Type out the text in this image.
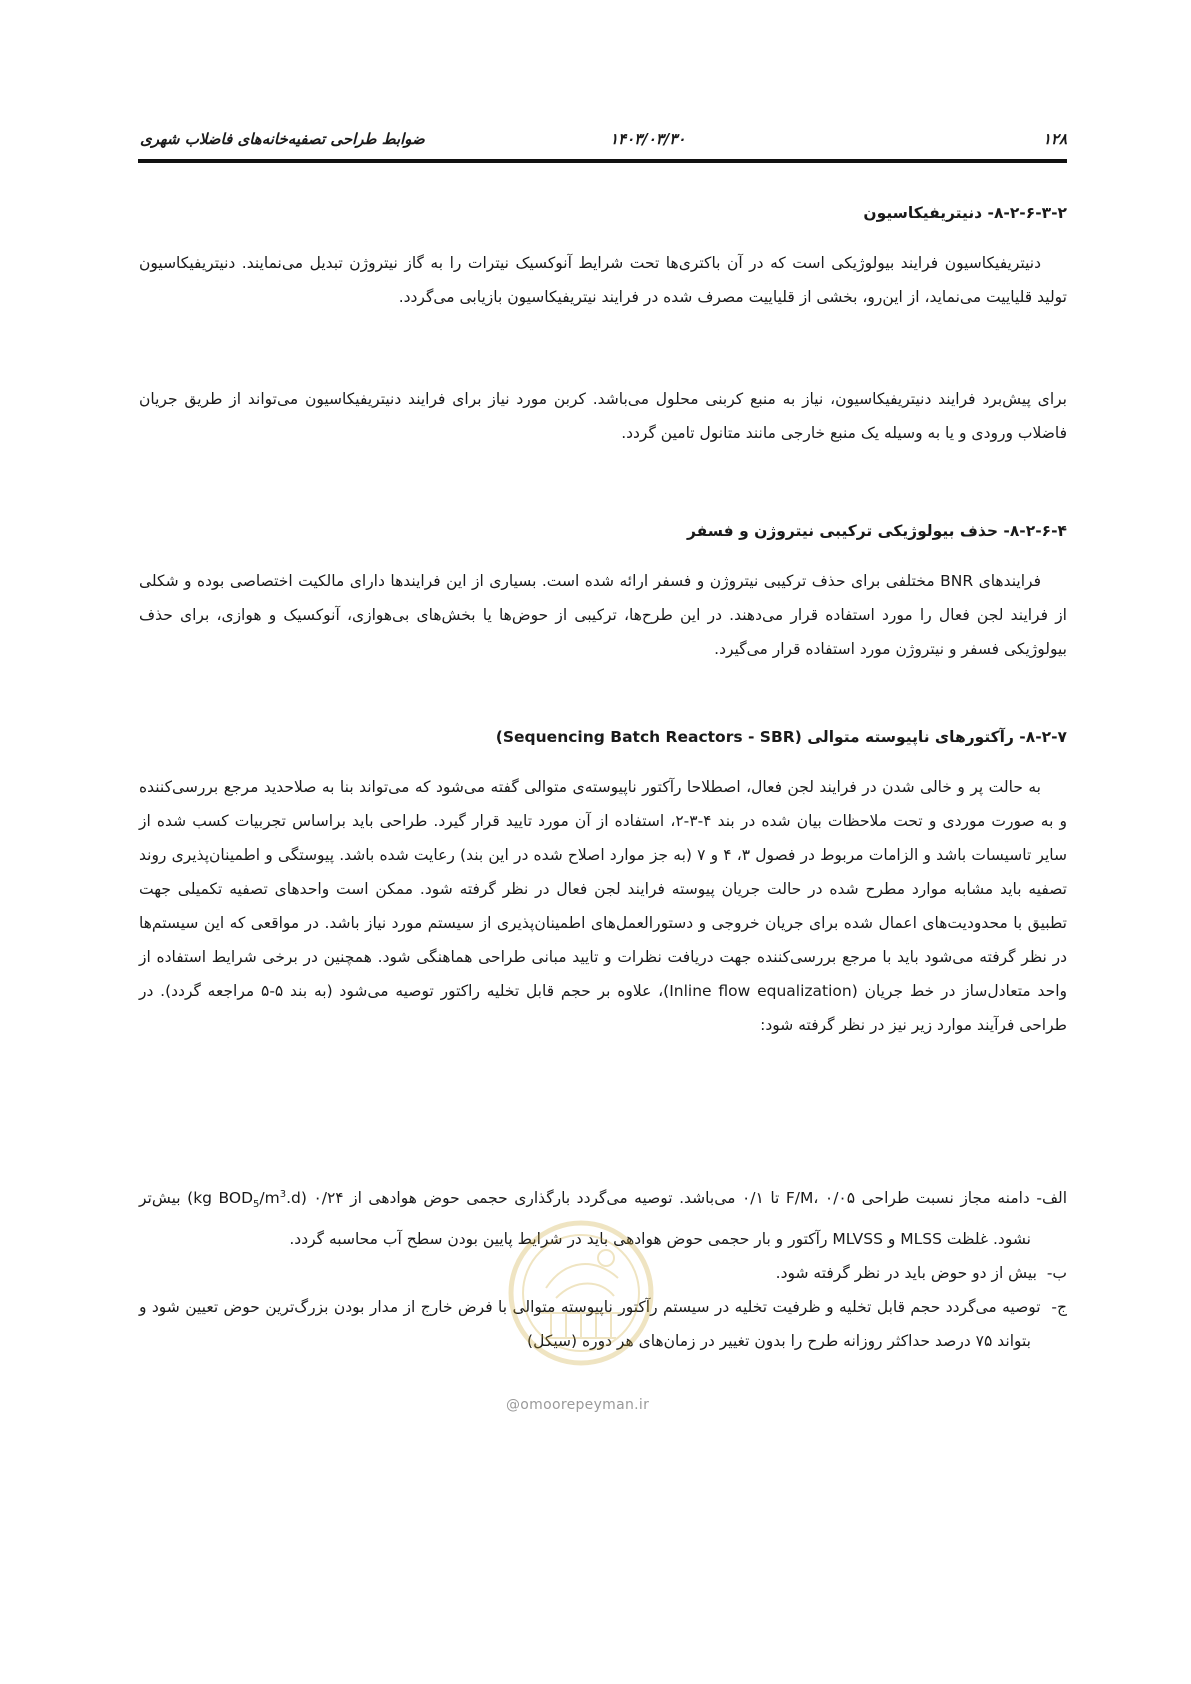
۱۲۸
۱۴۰۳/۰۳/۳۰
ضوابط طراحی تصفیه‌خانه‌های فاضلاب شهری
۸-۲-۶-۳-۲- دنیتریفیکاسیون

دنیتریفیکاسیون فرایند بیولوژیکی است که در آن باکتری‌ها تحت شرایط آنوکسیک نیترات را به گاز نیتروژن تبدیل می‌نمایند. دنیتریفیکاسیون تولید قلیاییت می‌نماید، از این‌رو، بخشی از قلیاییت مصرف شده در فرایند نیتریفیکاسیون بازیابی می‌گردد.

برای پیش‌برد فرایند دنیتریفیکاسیون، نیاز به منبع کربنی محلول می‌باشد. کربن مورد نیاز برای فرایند دنیتریفیکاسیون می‌تواند از طریق جریان فاضلاب ورودی و یا به وسیله یک منبع خارجی مانند متانول تامین گردد.

۸-۲-۶-۴- حذف بیولوژیکی ترکیبی نیتروژن و فسفر

فرایندهای BNR مختلفی برای حذف ترکیبی نیتروژن و فسفر ارائه شده است. بسیاری از این فرایندها دارای مالکیت اختصاصی بوده و شکلی از فرایند لجن فعال را مورد استفاده قرار می‌دهند. در این طرح‌ها، ترکیبی از حوض‌ها یا بخش‌های بی‌هوازی، آنوکسیک و هوازی، برای حذف بیولوژیکی فسفر و نیتروژن مورد استفاده قرار می‌گیرد.

۸-۲-۷- رآکتورهای ناپیوسته متوالی (Sequencing Batch Reactors - SBR)

به حالت پر و خالی شدن در فرایند لجن فعال، اصطلاحا رآکتور ناپیوسته‌ی متوالی گفته می‌شود که می‌تواند بنا به صلاحدید مرجع بررسی‌کننده و به صورت موردی و تحت ملاحظات بیان شده در بند ۴-۳-۲، استفاده از آن مورد تایید قرار گیرد. طراحی باید براساس تجربیات کسب شده از سایر تاسیسات باشد و الزامات مربوط در فصول ۳، ۴ و ۷ (به جز موارد اصلاح شده در این بند) رعایت شده باشد. پیوستگی و اطمینان‌پذیری روند تصفیه باید مشابه موارد مطرح شده در حالت جریان پیوسته فرایند لجن فعال در نظر گرفته شود. ممکن است واحدهای تصفیه تکمیلی جهت تطبیق با محدودیت‌های اعمال شده برای جریان خروجی و دستورالعمل‌های اطمینان‌پذیری از سیستم مورد نیاز باشد. در مواقعی که این سیستم‌ها در نظر گرفته می‌شود باید با مرجع بررسی‌کننده جهت دریافت نظرات و تایید مبانی طراحی هماهنگی شود. همچنین در برخی شرایط استفاده از واحد متعادل‌ساز در خط جریان (Inline flow equalization)، علاوه بر حجم قابل تخلیه راکتور توصیه می‌شود (به بند ۵-۵ مراجعه گردد). در طراحی فرآیند موارد زیر نیز در نظر گرفته شود:

الف- دامنه مجاز نسبت طراحی F/M، ۰/۰۵ تا ۰/۱ می‌باشد. توصیه می‌گردد بارگذاری حجمی حوض هوادهی از ۰/۲۴ (kg $BOD_5/m^3.d$) بیش‌تر نشود. غلظت MLSS و MLVSS رآکتور و بار حجمی حوض هوادهی باید در شرایط پایین بودن سطح آب محاسبه گردد.

ب-  بیش از دو حوض باید در نظر گرفته شود.

ج-  توصیه می‌گردد حجم قابل تخلیه و ظرفیت تخلیه در سیستم رآکتور ناپیوسته متوالی با فرض خارج از مدار بودن بزرگ‌ترین حوض تعیین شود و بتواند ۷۵ درصد حداکثر روزانه طرح را بدون تغییر در زمان‌های هر دوره (سیکل)

@omoorepeyman.ir
